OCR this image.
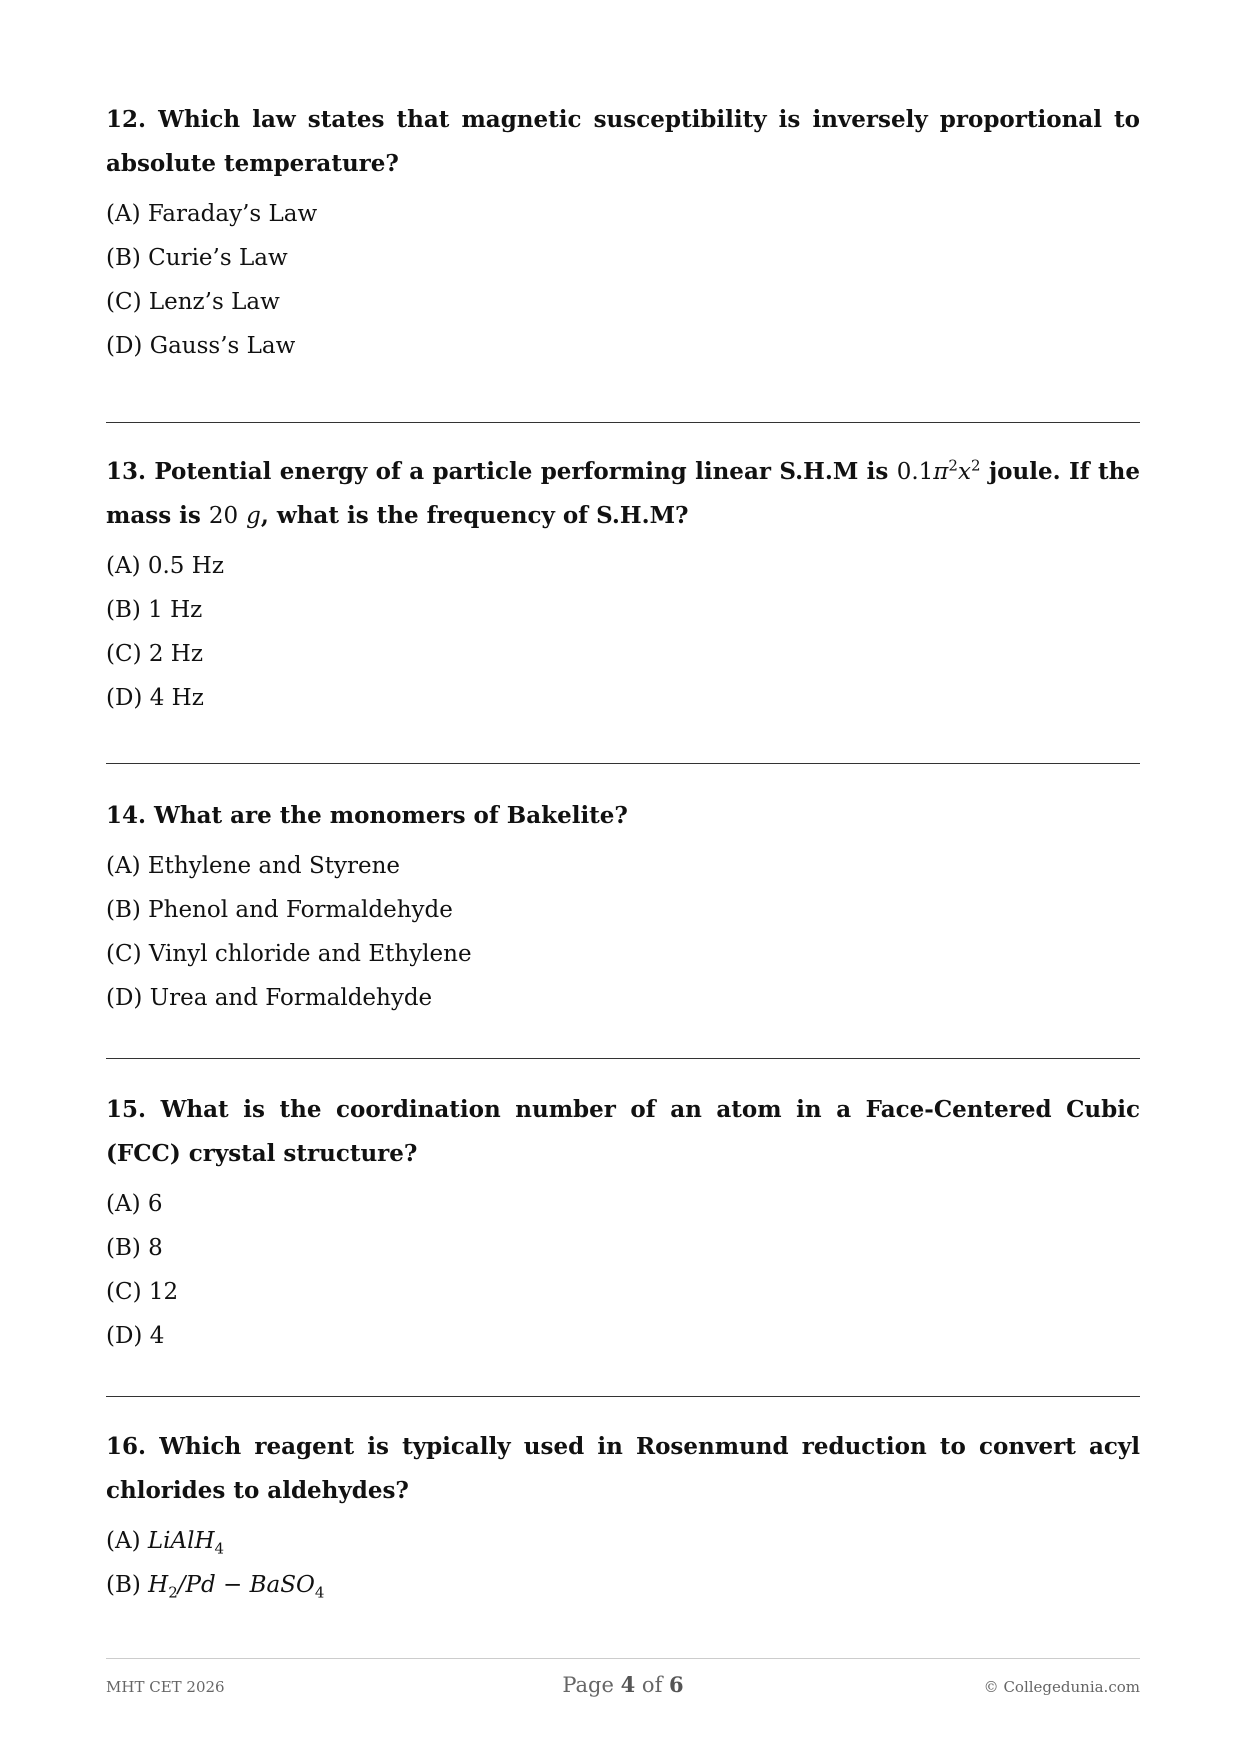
12. Which law states that magnetic susceptibility is inversely proportional to absolute temperature?

(A) Faraday’s Law
(B) Curie’s Law
(C) Lenz’s Law
(D) Gauss’s Law

13. Potential energy of a particle performing linear S.H.M is $0.1\pi^2x^2$ joule. If the mass is 20 g, what is the frequency of S.H.M?

(A) 0.5 Hz
(B) 1 Hz
(C) 2 Hz
(D) 4 Hz

14. What are the monomers of Bakelite?

(A) Ethylene and Styrene
(B) Phenol and Formaldehyde
(C) Vinyl chloride and Ethylene
(D) Urea and Formaldehyde

15. What is the coordination number of an atom in a Face-Centered Cubic (FCC) crystal structure?

(A) 6
(B) 8
(C) 12
(D) 4

16. Which reagent is typically used in Rosenmund reduction to convert acyl chlorides to aldehydes?

(A) LiAlH$_4$
(B) $H_2/Pd$ − BaSO$_4$
MHT CET 2026	Page 4 of 6	© Collegedunia.com
